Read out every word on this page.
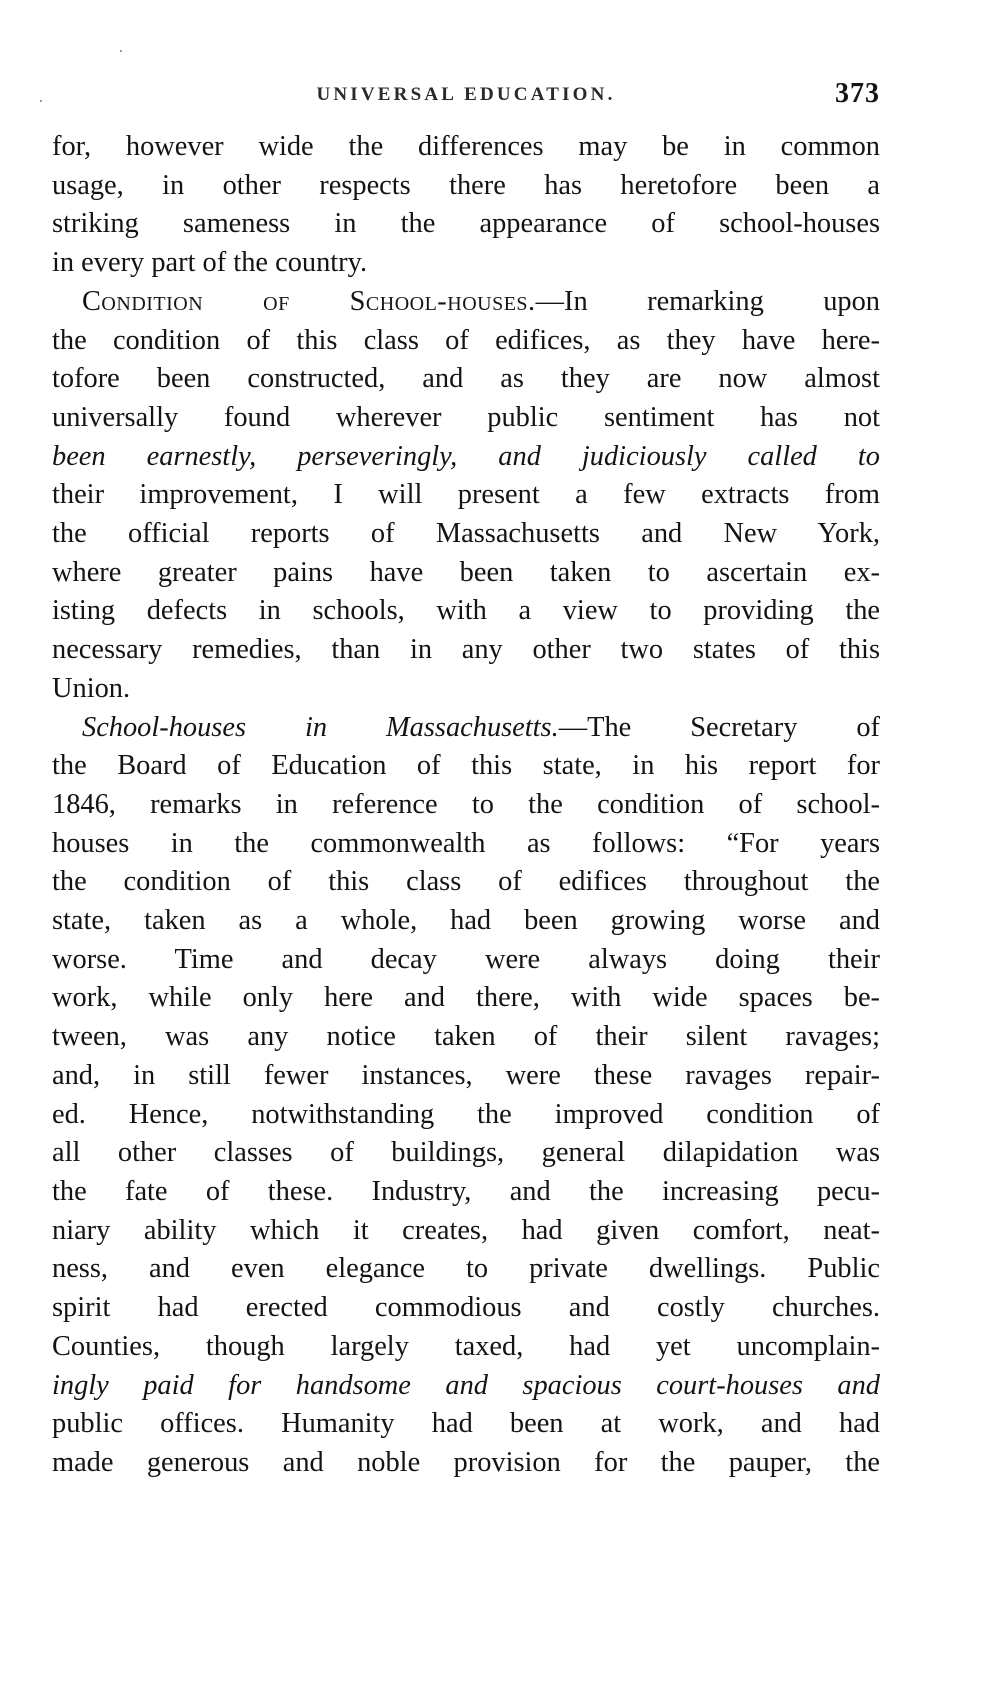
UNIVERSAL EDUCATION.	373
for, however wide the differences may be in common
usage, in other respects there has heretofore been a
striking sameness in the appearance of school-houses
in every part of the country.
Condition of School-houses.—In remarking upon
the condition of this class of edifices, as they have here-
tofore been constructed, and as they are now almost
universally found wherever public sentiment has not
been earnestly, perseveringly, and judiciously called to
their improvement, I will present a few extracts from
the official reports of Massachusetts and New York,
where greater pains have been taken to ascertain ex-
isting defects in schools, with a view to providing the
necessary remedies, than in any other two states of this
Union.
School-houses in Massachusetts.—The Secretary of
the Board of Education of this state, in his report for
1846, remarks in reference to the condition of school-
houses in the commonwealth as follows: “For years
the condition of this class of edifices throughout the
state, taken as a whole, had been growing worse and
worse. Time and decay were always doing their
work, while only here and there, with wide spaces be-
tween, was any notice taken of their silent ravages;
and, in still fewer instances, were these ravages repair-
ed. Hence, notwithstanding the improved condition of
all other classes of buildings, general dilapidation was
the fate of these. Industry, and the increasing pecu-
niary ability which it creates, had given comfort, neat-
ness, and even elegance to private dwellings. Public
spirit had erected commodious and costly churches.
Counties, though largely taxed, had yet uncomplain-
ingly paid for handsome and spacious court-houses and
public offices. Humanity had been at work, and had
made generous and noble provision for the pauper, the
